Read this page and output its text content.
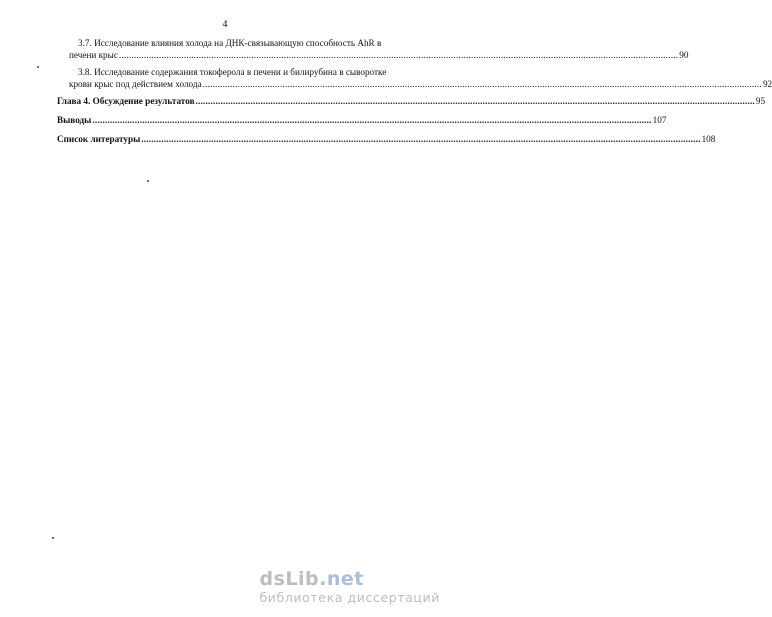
4
3.7. Исследование влияния холода на ДНК-связывающую способность AhR в
печени крыс ................................................................................................................................................................................................................................ 90
3.8. Исследование содержания токоферола в печени и билирубина в сыворотке
крови крыс под действием холода ................................................................................................................................................................................................................................ 92
Глава 4. Обсуждение результатов ................................................................................................................................................................................................................................ 95
Выводы ................................................................................................................................................................................................................................ 107
Список литературы ................................................................................................................................................................................................................................ 108
dsLib.net
библиотека диссертаций
